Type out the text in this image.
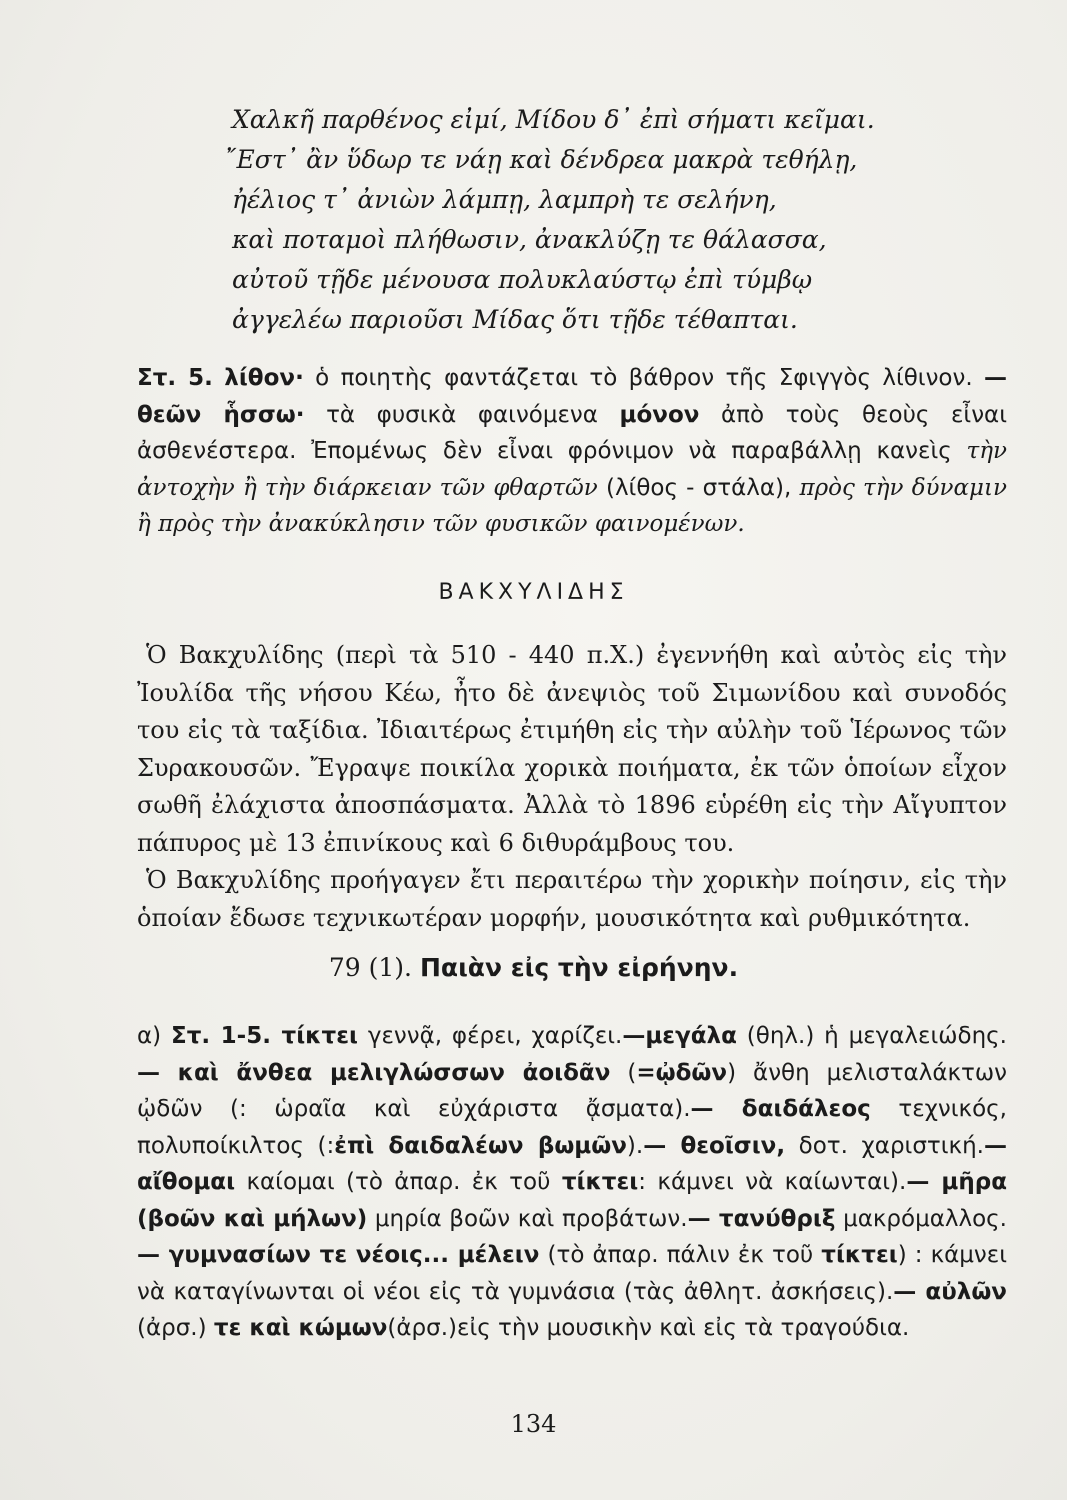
Χαλκῆ παρθένος εἰμί, Μίδου δ᾽ ἐπὶ σήματι κεῖμαι.
῎Εστ᾽ ἂν ὕδωρ τε νάῃ καὶ δένδρεα μακρὰ τεθήλῃ,
ἠέλιος τ᾽ ἀνιὼν λάμπῃ, λαμπρὴ τε σελήνη,
καὶ ποταμοὶ πλήθωσιν, ἀνακλύζῃ τε θάλασσα,
αὐτοῦ τῇδε μένουσα πολυκλαύστῳ ἐπὶ τύμβῳ
ἀγγελέω παριοῦσι Μίδας ὅτι τῇδε τέθαπται.
Στ. 5. λίθον· ὁ ποιητὴς φαντάζεται τὸ βάθρον τῆς Σφιγγὸς λίθινον. —θεῶν ἧσσω· τὰ φυσικὰ φαινόμενα μόνον ἀπὸ τοὺς θεοὺς εἶναι ἀσθενέστερα. Ἐπομένως δὲν εἶναι φρόνιμον νὰ παραβάλλῃ κανεὶς τὴν ἀντοχὴν ἢ τὴν διάρκειαν τῶν φθαρτῶν (λίθος - στάλα), πρὸς τὴν δύναμιν ἢ πρὸς τὴν ἀνακύκλησιν τῶν φυσικῶν φαινομένων.
ΒΑΚΧΥΛΙΔΗΣ

Ὁ Βακχυλίδης (περὶ τὰ 510 - 440 π.Χ.) ἐγεννήθη καὶ αὐτὸς εἰς τὴν Ἰουλίδα τῆς νήσου Κέω, ἦτο δὲ ἀνεψιὸς τοῦ Σιμωνίδου καὶ συνοδός του εἰς τὰ ταξίδια. Ἰδιαιτέρως ἐτιμήθη εἰς τὴν αὐλὴν τοῦ Ἱέρωνος τῶν Συρακουσῶν. Ἔγραψε ποικίλα χορικὰ ποιήματα, ἐκ τῶν ὁποίων εἶχον σωθῆ ἐλάχιστα ἀποσπάσματα. Ἀλλὰ τὸ 1896 εὑρέθη εἰς τὴν Αἴγυπτον πάπυρος μὲ 13 ἐπινίκους καὶ 6 διθυράμβους του.

Ὁ Βακχυλίδης προήγαγεν ἔτι περαιτέρω τὴν χορικὴν ποίησιν, εἰς τὴν ὁποίαν ἔδωσε τεχνικωτέραν μορφήν, μουσικότητα καὶ ρυθμικότητα.

79 (1). Παιὰν εἰς τὴν εἰρήνην.
α) Στ. 1-5. τίκτει γεννᾷ, φέρει, χαρίζει.—μεγάλα (θηλ.) ἡ μεγαλειώδης.— καὶ ἄνθεα μελιγλώσσων ἀοιδᾶν (=ᾠδῶν) ἄνθη μελισταλάκτων ᾠδῶν (: ὡραῖα καὶ εὐχάριστα ᾄσματα).— δαιδάλεος τεχνικός, πολυποίκιλτος (:ἐπὶ δαιδαλέων βωμῶν).— θεοῖσιν, δοτ. χαριστική.—αἴθομαι καίομαι (τὸ ἀπαρ. ἐκ τοῦ τίκτει: κάμνει νὰ καίωνται).— μῆρα (βοῶν καὶ μήλων) μηρία βοῶν καὶ προβάτων.— τανύθριξ μακρόμαλλος.— γυμνασίων τε νέοις... μέλειν (τὸ ἀπαρ. πάλιν ἐκ τοῦ τίκτει) : κάμνει νὰ καταγίνωνται οἱ νέοι εἰς τὰ γυμνάσια (τὰς ἀθλητ. ἀσκήσεις).— αὐλῶν (ἀρσ.) τε καὶ κώμων(ἀρσ.)εἰς τὴν μουσικὴν καὶ εἰς τὰ τραγούδια.
134
